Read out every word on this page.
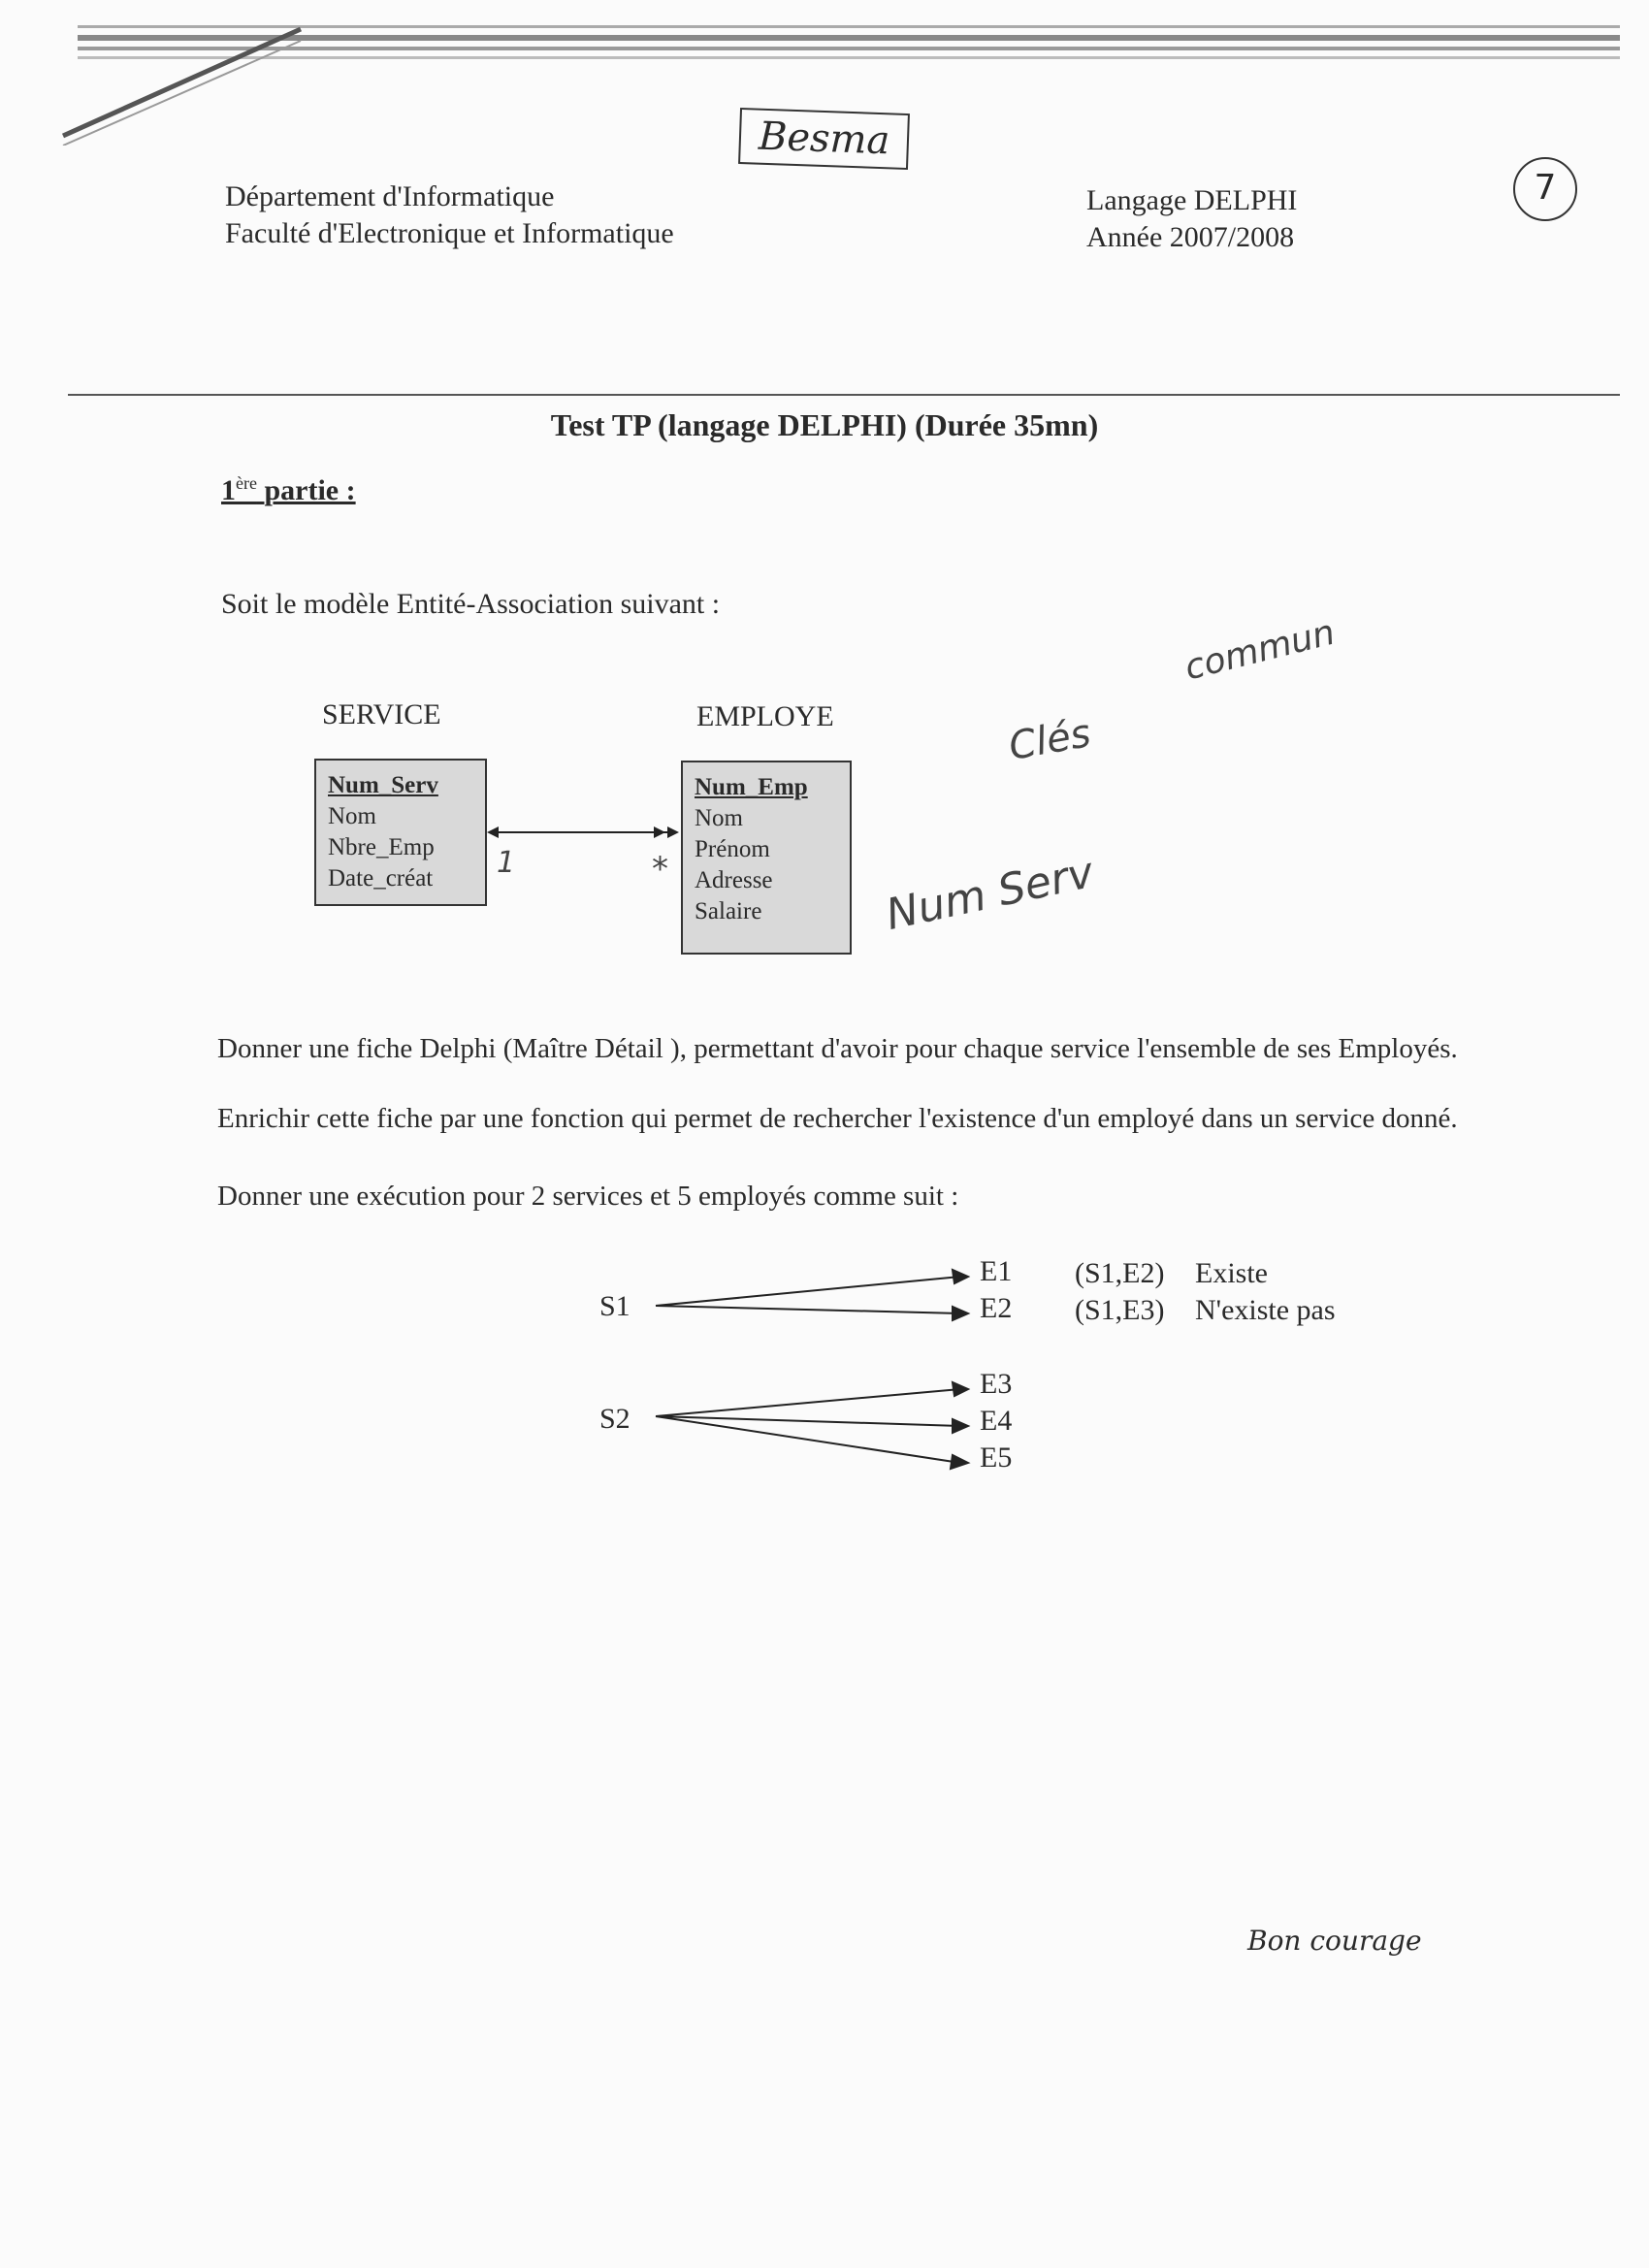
Département d'Informatique
Faculté d'Electronique et Informatique
Langage DELPHI
Année 2007/2008
Besma
7
Test TP (langage DELPHI) (Durée 35mn)
1ère partie :
Soit le modèle Entité-Association suivant :
SERVICE	EMPLOYE
Num_Serv
Nom
Nbre_Emp
Date_créat
Num_Emp
Nom
Prénom
Adresse
Salaire
1	*
commun
Clés
Num Serv
Donner une fiche Delphi (Maître Détail ), permettant d'avoir pour chaque service l'ensemble de ses Employés.
Enrichir cette fiche par une fonction qui permet de rechercher l'existence d'un employé dans un service donné.
Donner une exécution pour 2 services et 5 employés comme suit :
S1
S2
E1
E2
E3
E4
E5
(S1,E2) Existe
(S1,E3) N'existe pas
Bon courage
